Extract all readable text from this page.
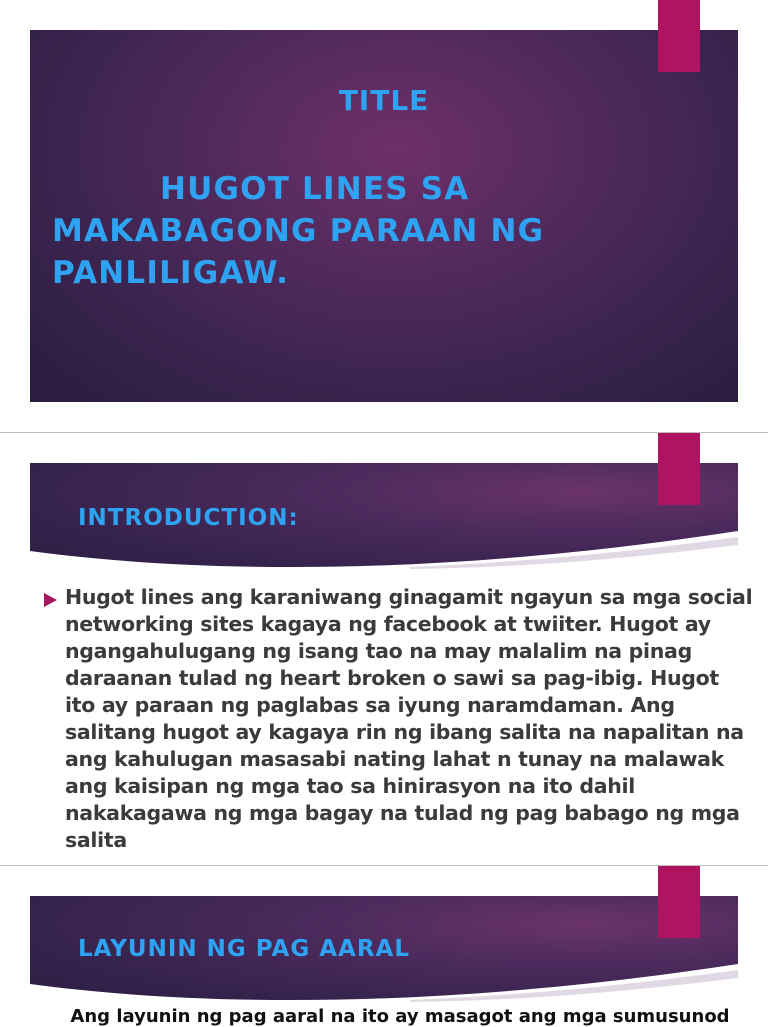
TITLE
HUGOT LINES SA MAKABAGONG PARAAN NG PANLILIGAW.
INTRODUCTION:
Hugot lines ang karaniwang ginagamit ngayun sa mga social networking sites kagaya ng facebook at twiiter. Hugot ay ngangahulugang ng isang tao na may malalim na pinag daraanan tulad ng heart broken o sawi sa pag-ibig. Hugot ito ay paraan ng paglabas sa iyung naramdaman. Ang salitang hugot ay kagaya rin ng ibang salita na napalitan na ang kahulugan masasabi nating lahat n tunay na malawak ang kaisipan ng mga tao sa hinirasyon na ito dahil nakakagawa ng mga bagay na tulad ng pag babago ng mga salita
LAYUNIN NG PAG AARAL
Ang layunin ng pag aaral na ito ay masagot ang mga sumusunod
